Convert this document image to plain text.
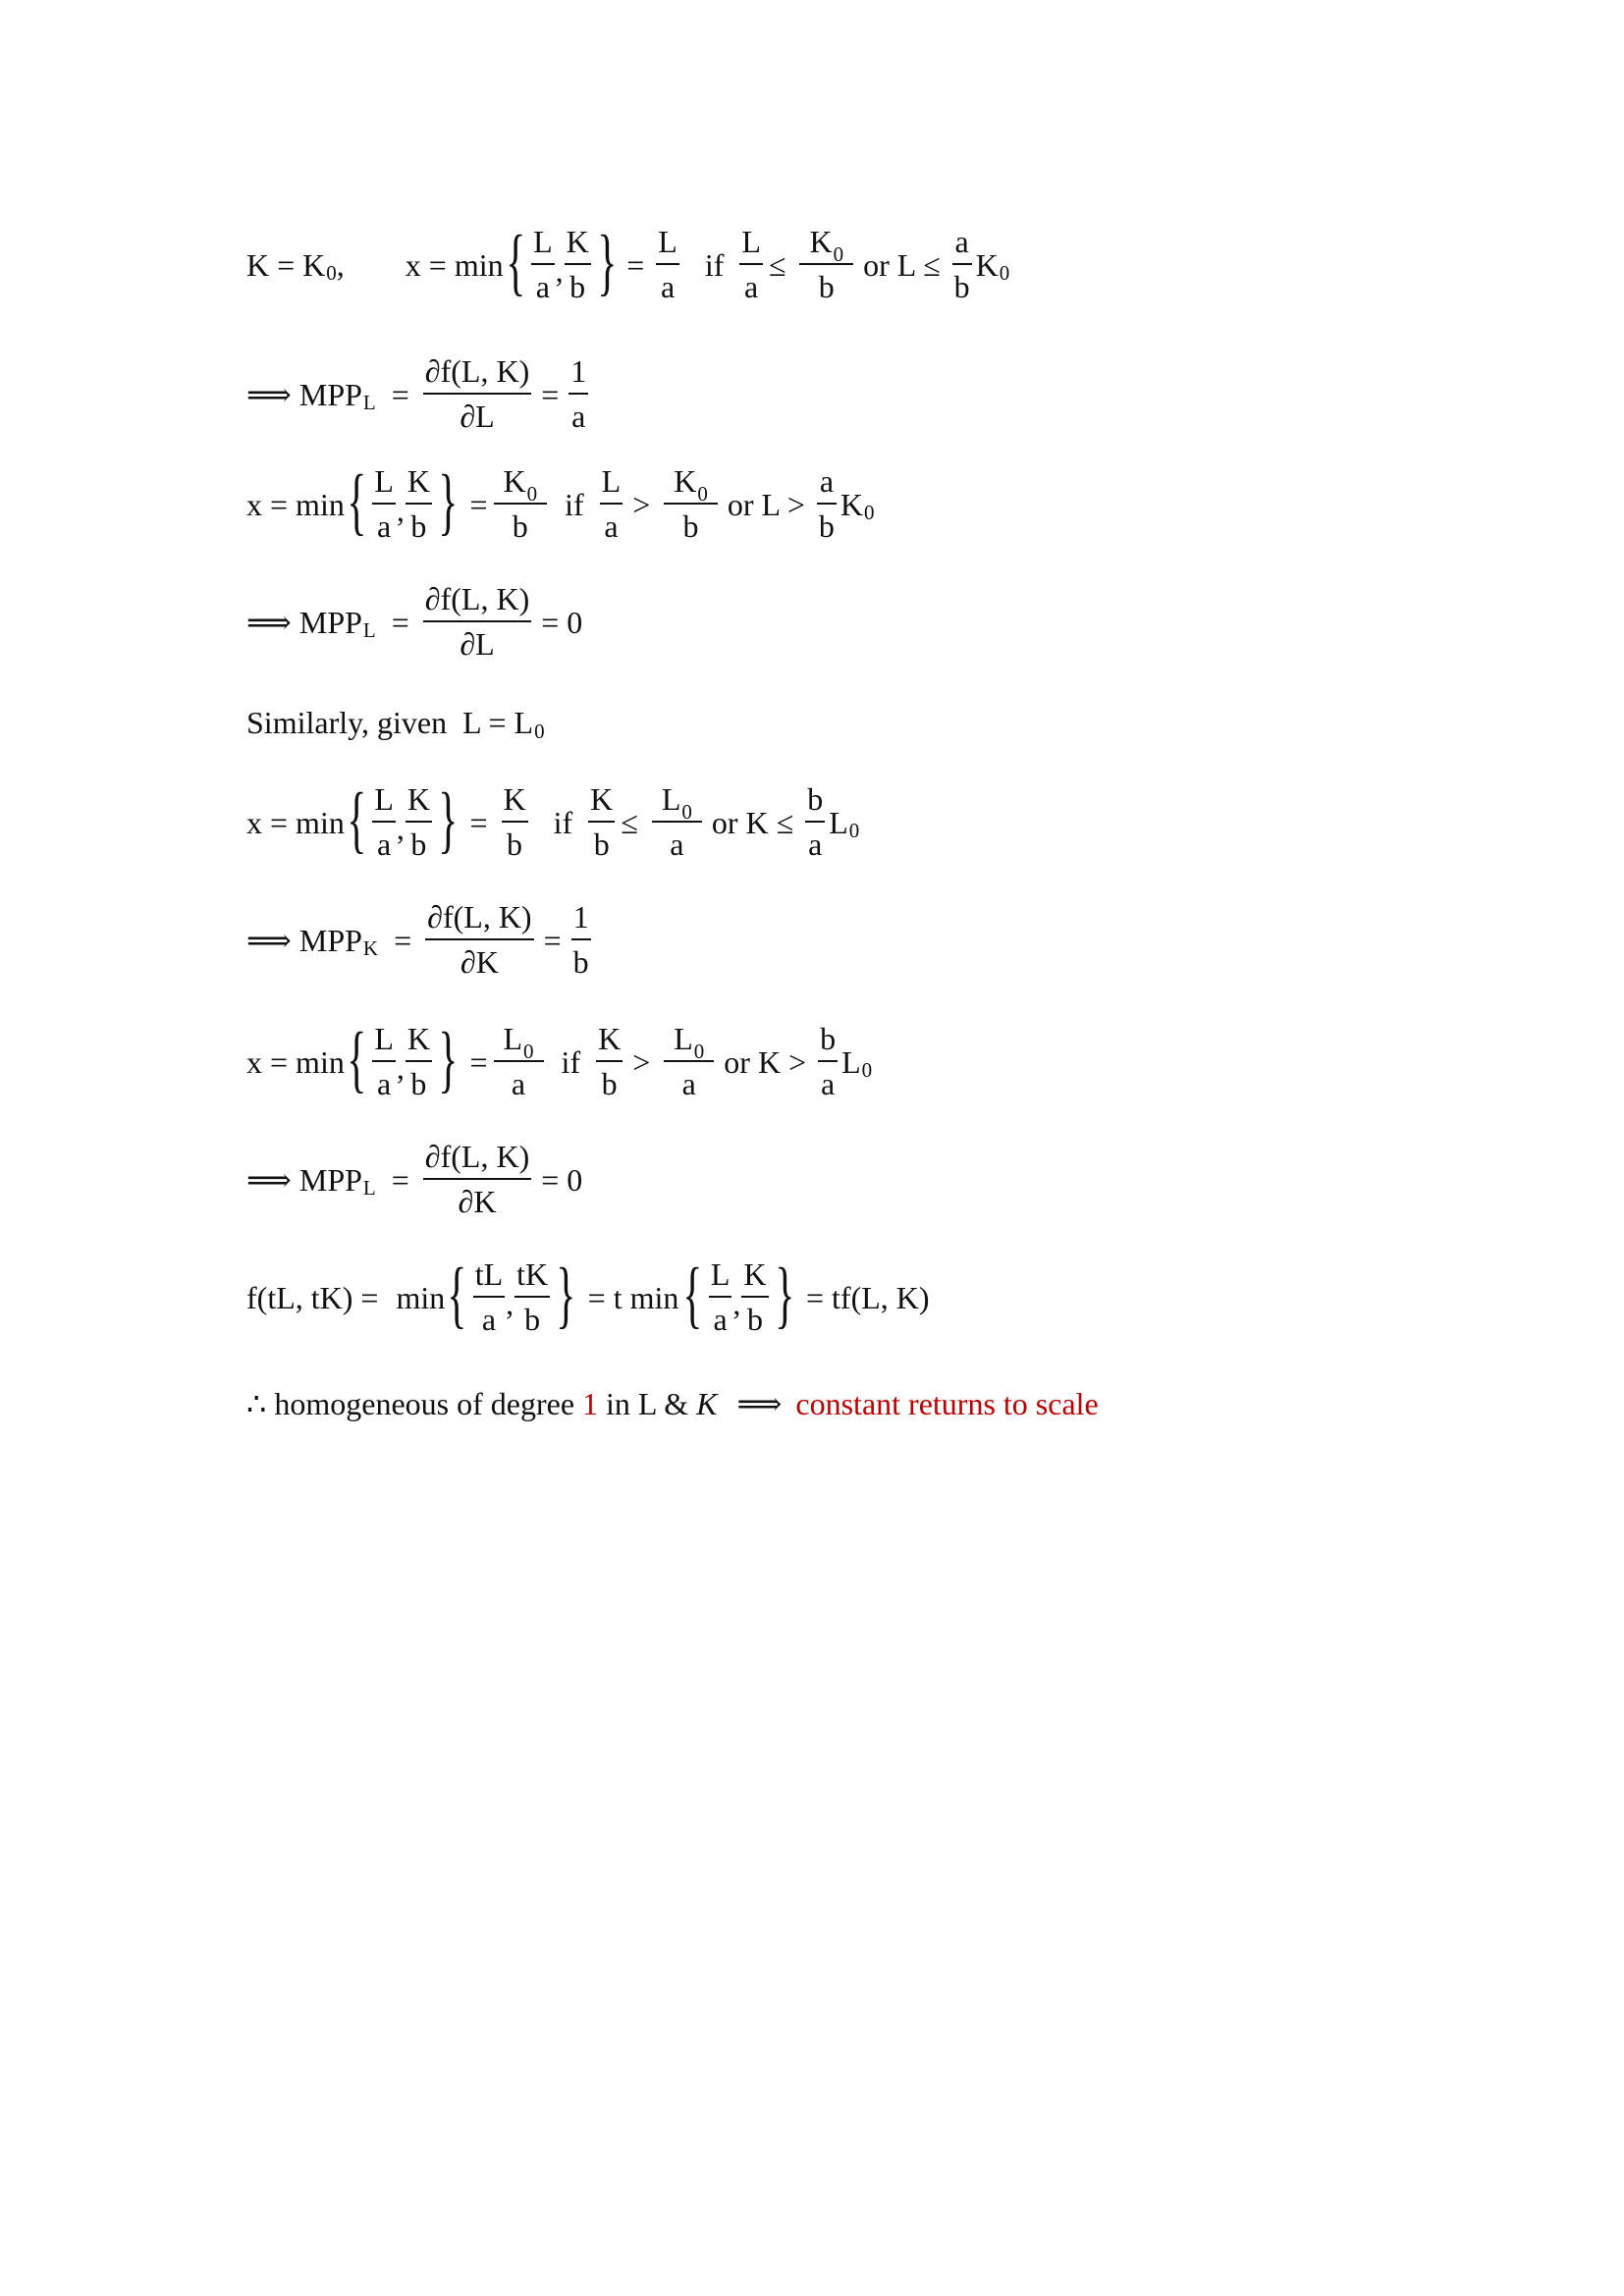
K = K 0 , x = min { $\frac{L}{a}$ , $\frac{K}{b}$ } = $\frac{L}{a}$ if $\frac{L}{a} \le \frac{K_0}{b}$ or $L \le \frac{a}{b}$ K 0
⟹ MPP $L = \frac{\partial f(L, K)}{\partial L} = \frac{1}{a}$
x = min { $\frac{L}{a}$ , $\frac{K}{b}$ } = $\frac{K_0}{b}$ if $\frac{L}{a} > \frac{K_0}{b}$ or $L > \frac{a}{b}$ K 0
⟹ MPP $L = \frac{\partial f(L, K)}{\partial L} = 0$
Similarly, given  L = L 0
x = min { $\frac{L}{a}$ , $\frac{K}{b}$ } = $\frac{K}{b}$ if $\frac{K}{b} \le \frac{L_0}{a}$ or $K \le \frac{b}{a}$ L 0
⟹ MPP $K = \frac{\partial f(L, K)}{\partial K} = \frac{1}{b}$
x = min { $\frac{L}{a}$ , $\frac{K}{b}$ } = $\frac{L_0}{a}$ if $\frac{K}{b} > \frac{L_0}{a}$ or $K > \frac{b}{a}$ L 0
⟹ MPP $L = \frac{\partial f(L, K)}{\partial K} = 0$
f(tL, tK) = min { $\frac{tL}{a}$ , $\frac{tK}{b}$ } = t min { $\frac{L}{a}$ , $\frac{K}{b}$ } = tf(L, K)
∴ homogeneous of degree 1 in L & K ⟹ constant returns to scale
